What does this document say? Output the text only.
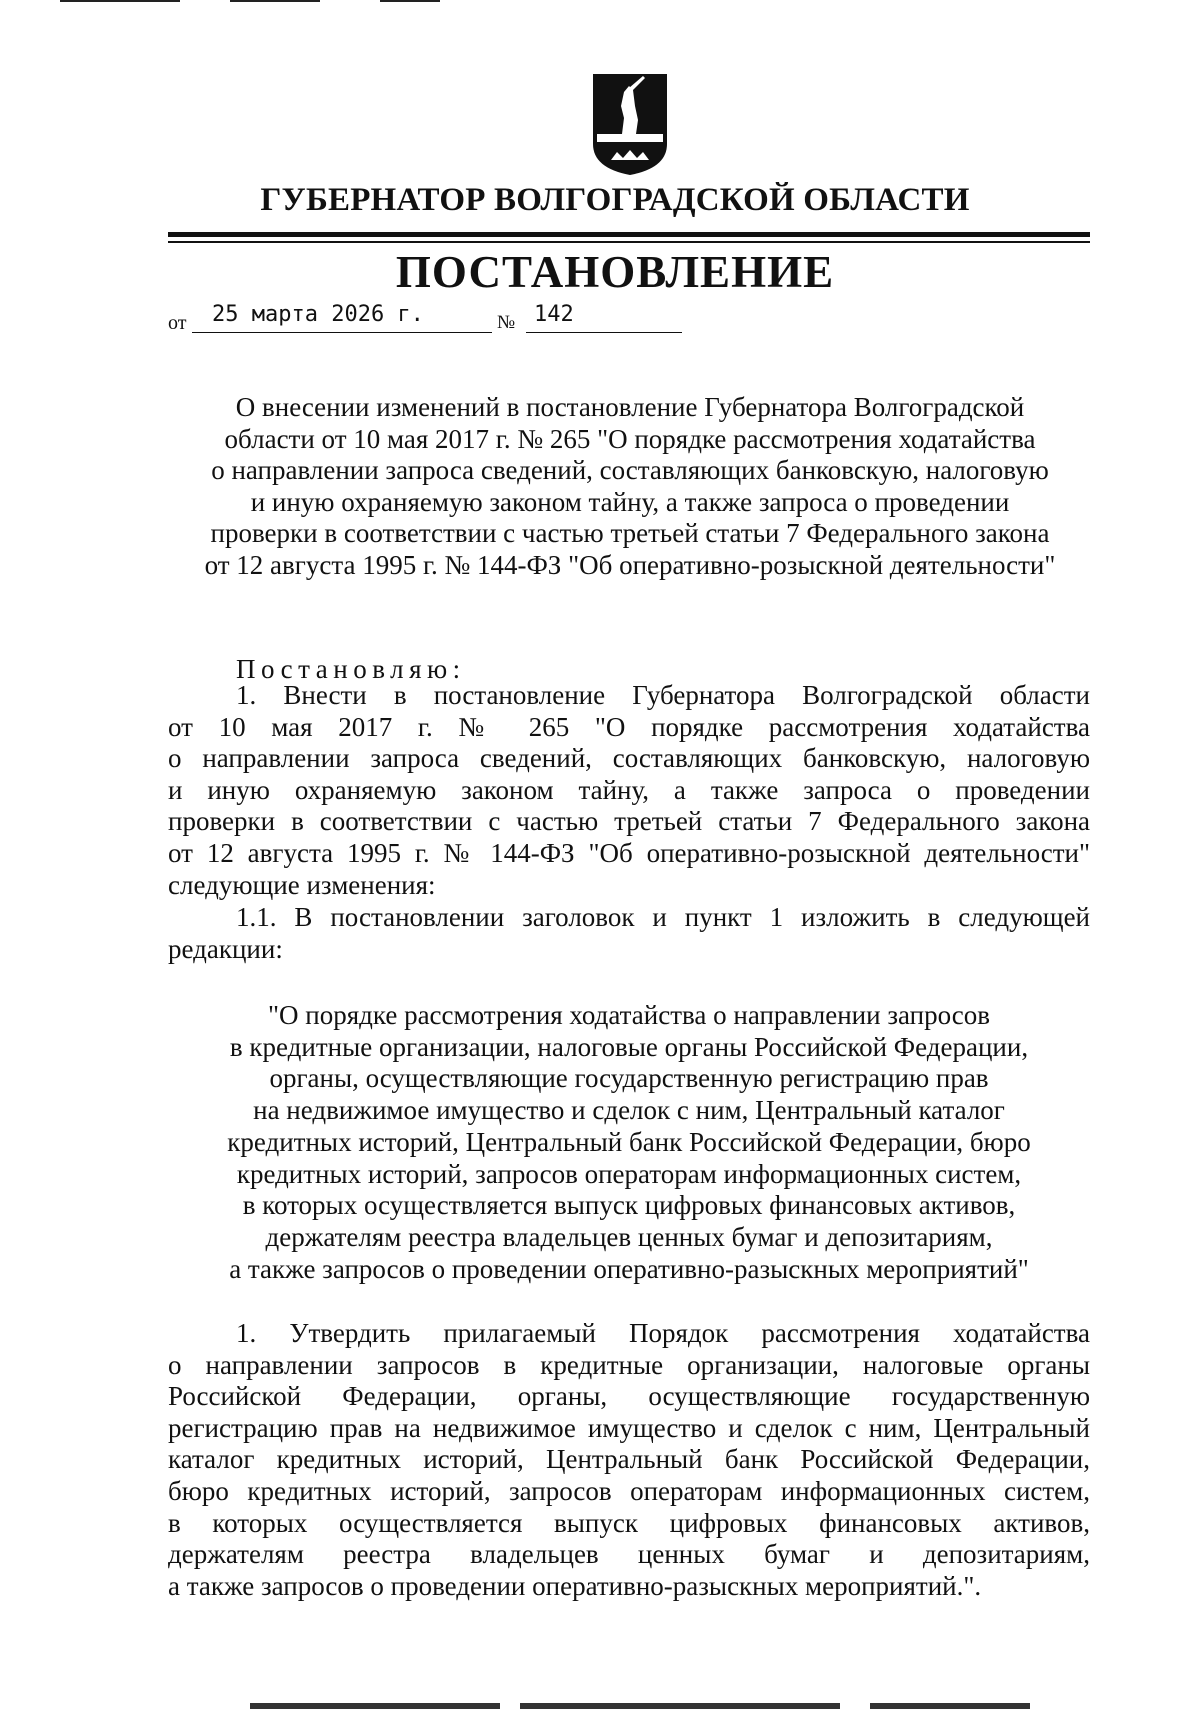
ГУБЕРНАТОР ВОЛГОГРАДСКОЙ ОБЛАСТИ
ПОСТАНОВЛЕНИЕ
от 25 марта 2026 г.	№ 142
О внесении изменений в постановление Губернатора Волгоградской
области от 10 мая 2017 г. № 265 "О порядке рассмотрения ходатайства
о направлении запроса сведений, составляющих банковскую, налоговую
и иную охраняемую законом тайну, а также запроса о проведении
проверки в соответствии с частью третьей статьи 7 Федерального закона
от 12 августа 1995 г. № 144-ФЗ "Об оперативно-розыскной деятельности"
Постановляю:
1. Внести в постановление Губернатора Волгоградской области
от 10 мая 2017 г. № 265 "О порядке рассмотрения ходатайства
о направлении запроса сведений, составляющих банковскую, налоговую
и иную охраняемую законом тайну, а также запроса о проведении
проверки в соответствии с частью третьей статьи 7 Федерального закона
от 12 августа 1995 г. № 144-ФЗ "Об оперативно-розыскной деятельности"
следующие изменения:
1.1. В постановлении заголовок и пункт 1 изложить в следующей
редакции:
"О порядке рассмотрения ходатайства о направлении запросов
в кредитные организации, налоговые органы Российской Федерации,
органы, осуществляющие государственную регистрацию прав
на недвижимое имущество и сделок с ним, Центральный каталог
кредитных историй, Центральный банк Российской Федерации, бюро
кредитных историй, запросов операторам информационных систем,
в которых осуществляется выпуск цифровых финансовых активов,
держателям реестра владельцев ценных бумаг и депозитариям,
а также запросов о проведении оперативно-разыскных мероприятий"
1. Утвердить прилагаемый Порядок рассмотрения ходатайства
о направлении запросов в кредитные организации, налоговые органы
Российской Федерации, органы, осуществляющие государственную
регистрацию прав на недвижимое имущество и сделок с ним, Центральный
каталог кредитных историй, Центральный банк Российской Федерации,
бюро кредитных историй, запросов операторам информационных систем,
в которых осуществляется выпуск цифровых финансовых активов,
держателям реестра владельцев ценных бумаг и депозитариям,
а также запросов о проведении оперативно-разыскных мероприятий.".
